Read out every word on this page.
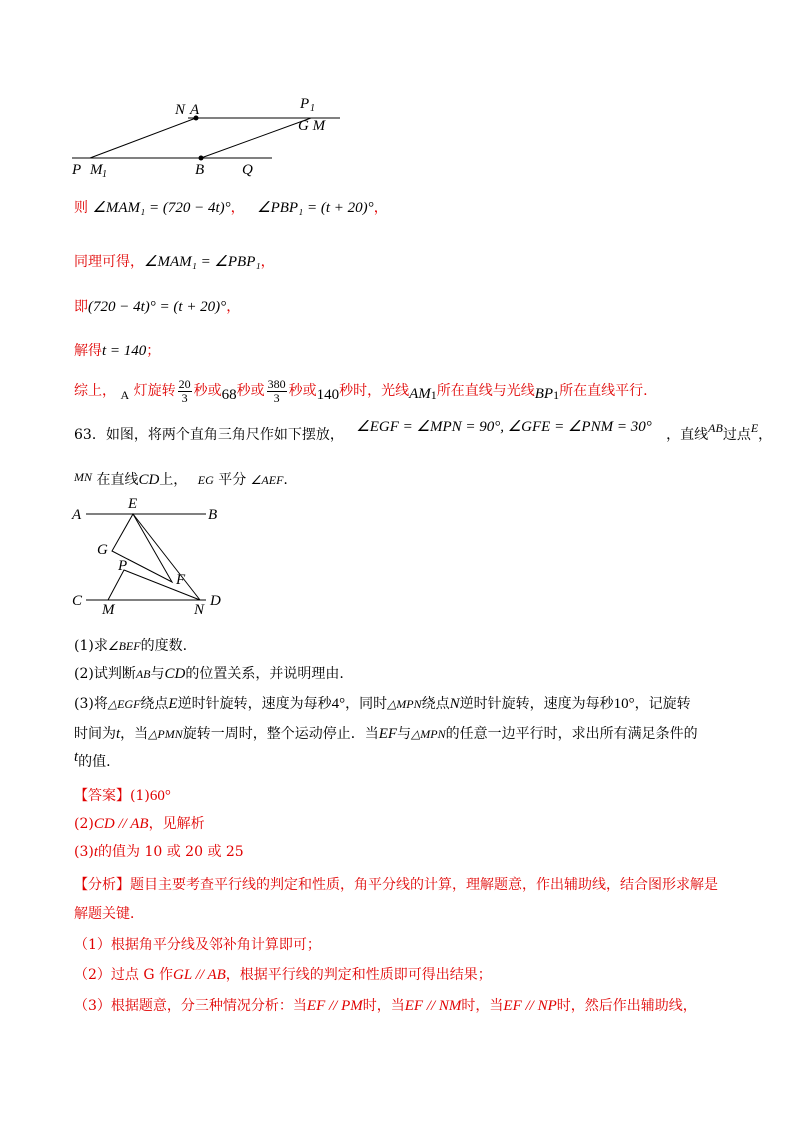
N A	P 1
G M
P M 1	B	Q
则 ∠MAM₁ = (720 − 4t)°， ∠PBP₁ = (t + 20)°，
同理可得，∠MAM₁ = ∠PBP₁，
即(720 − 4t)° = (t + 20)°，
解得t = 140；
综上， A 灯旋转 $\frac{20}{3}$ 秒或68秒或 $\frac{380}{3}$ 秒或140秒时，光线$AM_1$所在直线与光线$BP_1$所在直线平行.
63．如图，将两个直角三角尺作如下摆放， ∠EGF = ∠MPN = 90°, ∠GFE = ∠PNM = 30° ，直线AB过点E，
MN 在直线CD上， EG 平分 ∠AEF.
A
E
B
G
P
F
C
M	N
D
(1)求∠BEF的度数.
(2)试判断AB与CD的位置关系，并说明理由.
(3)将△EGF绕点E逆时针旋转，速度为每秒4°，同时△MPN绕点N逆时针旋转，速度为每秒10°，记旋转
时间为t，当△PMN旋转一周时，整个运动停止．当EF与△MPN的任意一边平行时，求出所有满足条件的
t的值.
【答案】(1)60°
(2)CD // AB，见解析
(3)t的值为 10 或 20 或 25
【分析】题目主要考查平行线的判定和性质，角平分线的计算，理解题意，作出辅助线，结合图形求解是
解题关键．
（1）根据角平分线及邻补角计算即可；
（2）过点 G 作GL // AB，根据平行线的判定和性质即可得出结果；
（3）根据题意，分三种情况分析：当EF // PM时，当EF // NM时，当EF // NP时，然后作出辅助线，
